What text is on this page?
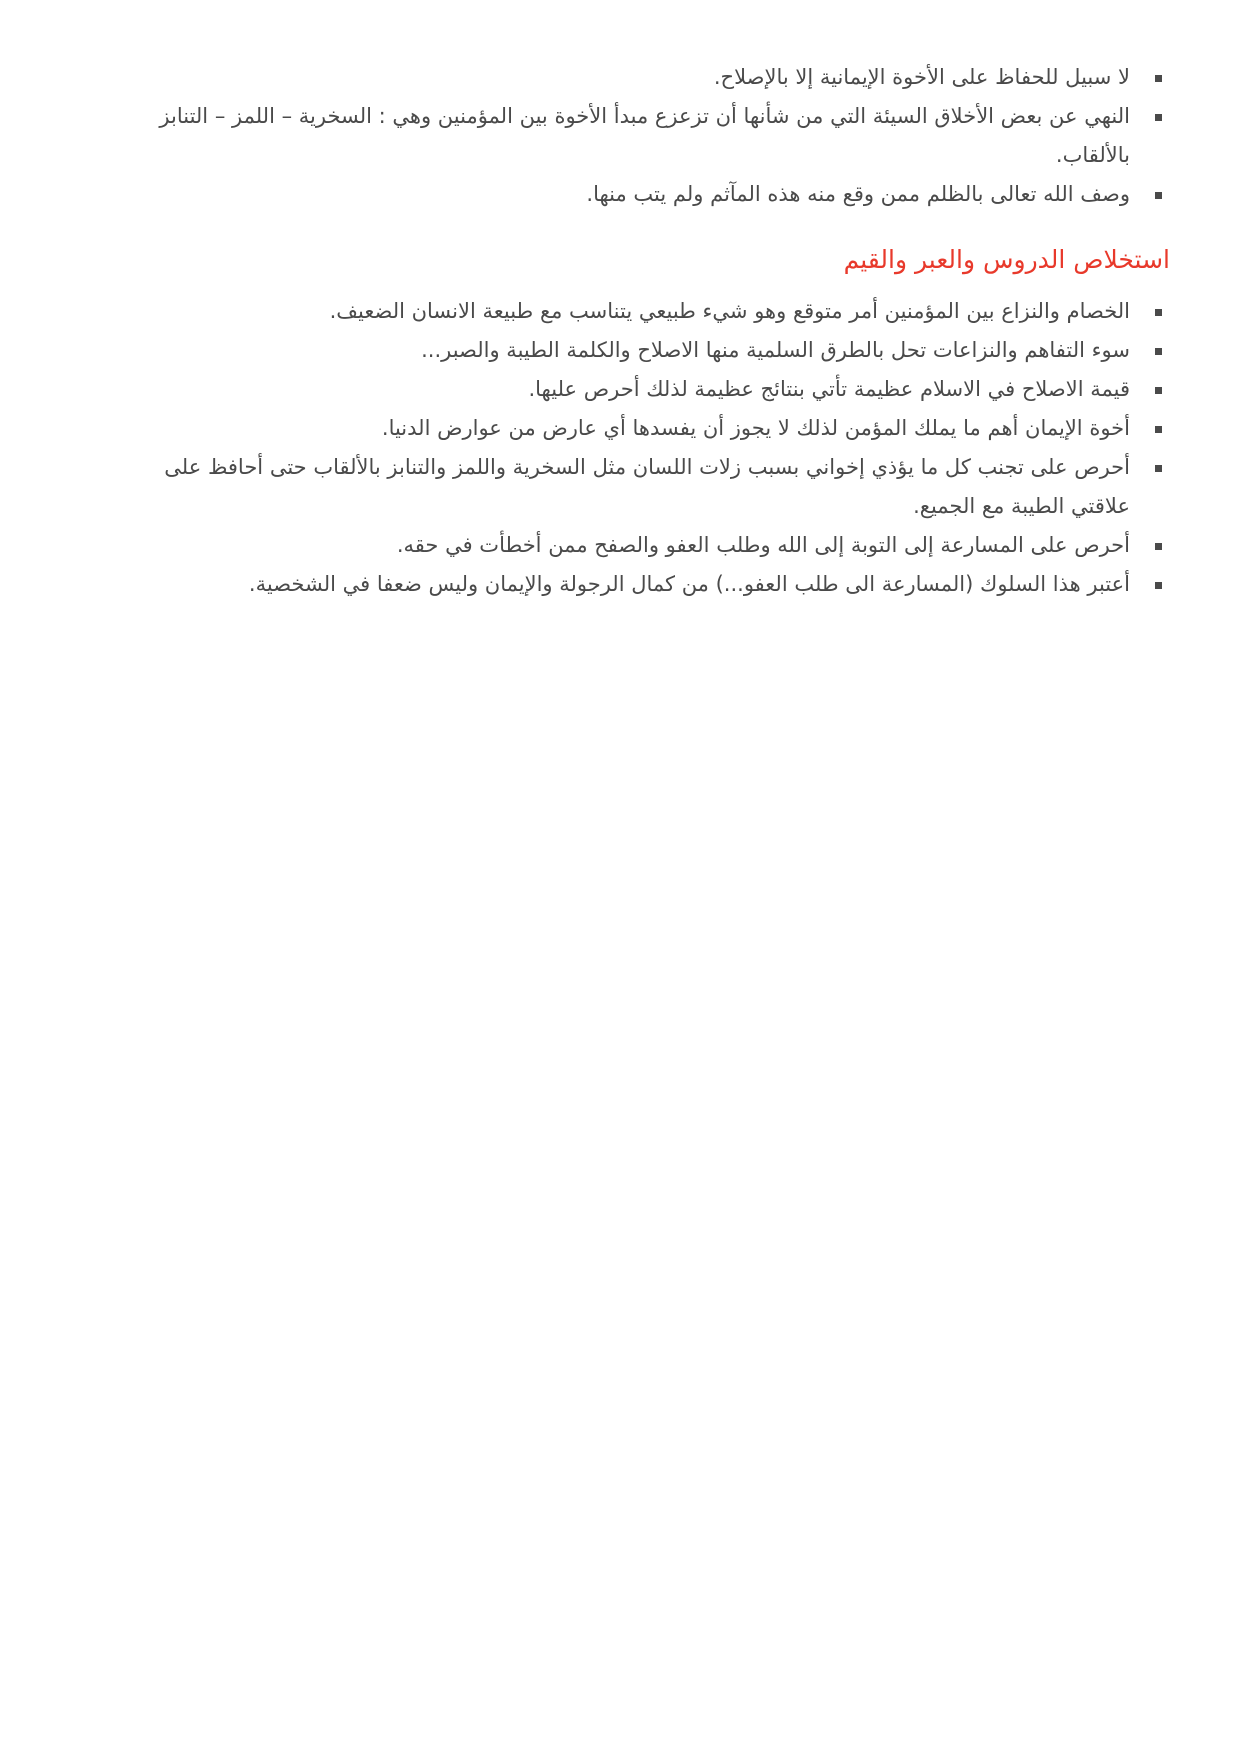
لا سبيل للحفاظ على الأخوة الإيمانية إلا بالإصلاح.
النهي عن بعض الأخلاق السيئة التي من شأنها أن تزعزع مبدأ الأخوة بين المؤمنين وهي : السخرية – اللمز – التنابز بالألقاب.
وصف الله تعالى بالظلم ممن وقع منه هذه المآثم ولم يتب منها.
استخلاص الدروس والعبر والقيم
الخصام والنزاع بين المؤمنين أمر متوقع وهو شيء طبيعي يتناسب مع طبيعة الانسان الضعيف.
سوء التفاهم والنزاعات تحل بالطرق السلمية منها الاصلاح والكلمة الطيبة والصبر...
قيمة الاصلاح في الاسلام عظيمة تأتي بنتائج عظيمة لذلك أحرص عليها.
أخوة الإيمان أهم ما يملك المؤمن لذلك لا يجوز أن يفسدها أي عارض من عوارض الدنيا.
أحرص على تجنب كل ما يؤذي إخواني بسبب زلات اللسان مثل السخرية واللمز والتنابز بالألقاب حتى أحافظ على علاقتي الطيبة مع الجميع.
أحرص على المسارعة إلى التوبة إلى الله وطلب العفو والصفح ممن أخطأت في حقه.
أعتبر هذا السلوك (المسارعة الى طلب العفو...) من كمال الرجولة والإيمان وليس ضعفا في الشخصية.
